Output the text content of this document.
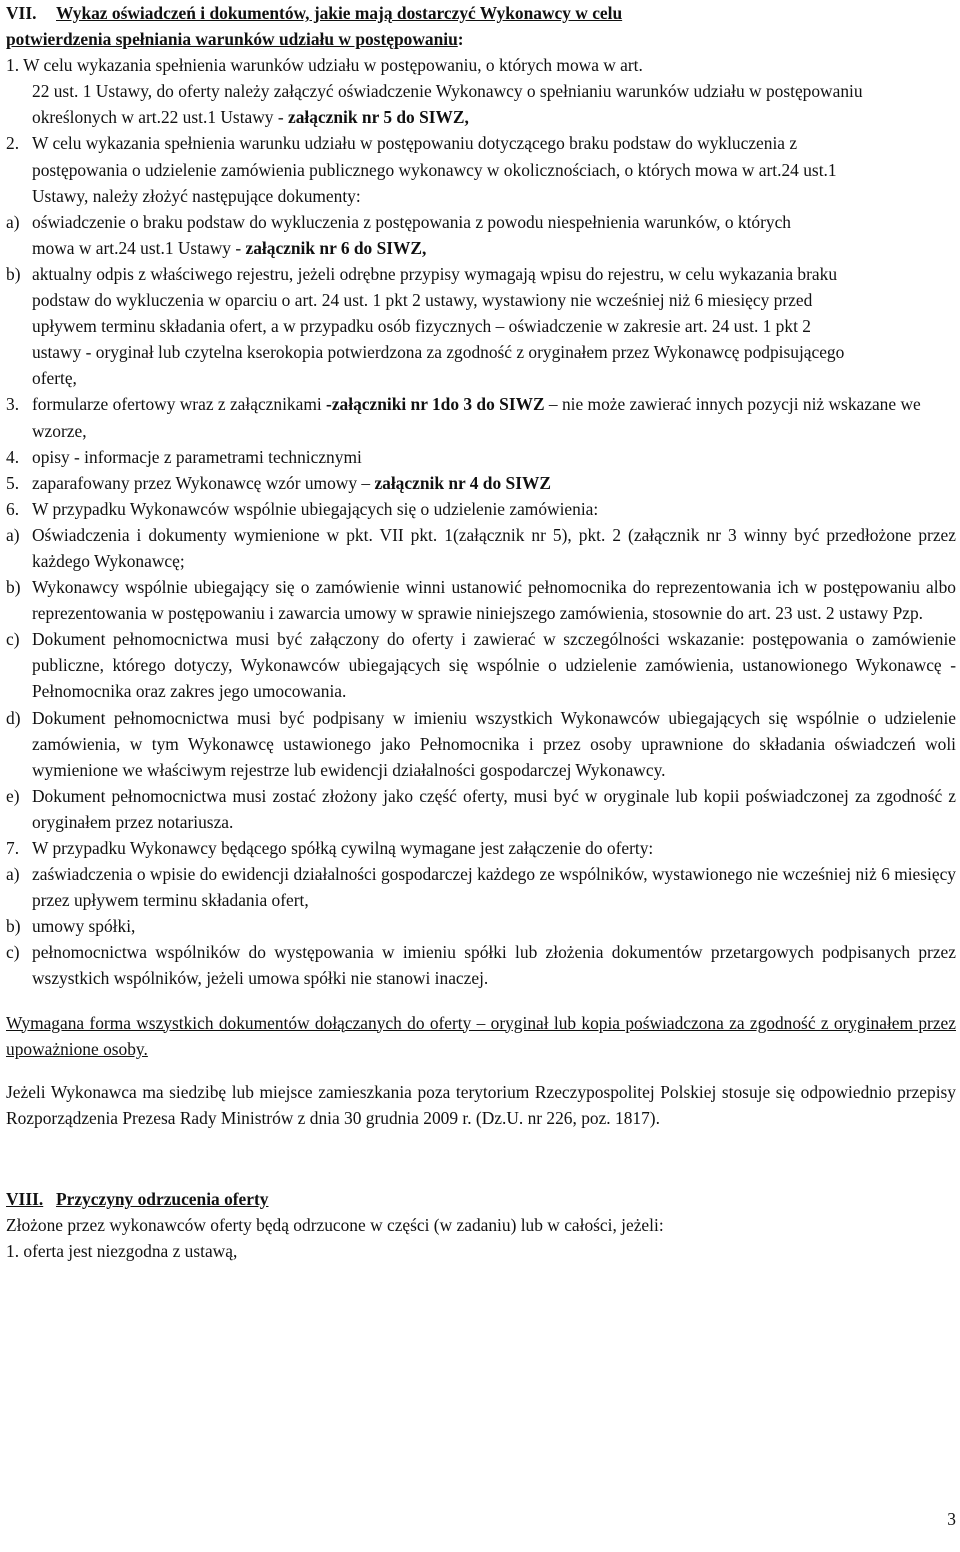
VII. Wykaz oświadczeń i dokumentów, jakie mają dostarczyć Wykonawcy w celu
potwierdzenia spełniania warunków udziału w postępowaniu:

1. W celu wykazania spełnienia warunków udziału w postępowaniu, o których mowa w art.

22 ust. 1 Ustawy, do oferty należy załączyć oświadczenie Wykonawcy o spełnianiu warunków udziału w postępowaniu określonych w art.22 ust.1 Ustawy - załącznik nr 5 do SIWZ,

2. W celu wykazania spełnienia warunku udziału w postępowaniu dotyczącego braku podstaw do wykluczenia z postępowania o udzielenie zamówienia publicznego wykonawcy w okolicznościach, o których mowa w art.24 ust.1 Ustawy, należy złożyć następujące dokumenty:
a) oświadczenie o braku podstaw do wykluczenia z postępowania z powodu niespełnienia warunków, o których mowa w art.24 ust.1 Ustawy - załącznik nr 6 do SIWZ,
b) aktualny odpis z właściwego rejestru, jeżeli odrębne przypisy wymagają wpisu do rejestru, w celu wykazania braku podstaw do wykluczenia w oparciu o art. 24 ust. 1 pkt 2 ustawy, wystawiony nie wcześniej niż 6 miesięcy przed upływem terminu składania ofert, a w przypadku osób fizycznych – oświadczenie w zakresie art. 24 ust. 1 pkt 2 ustawy - oryginał lub czytelna kserokopia potwierdzona za zgodność z oryginałem przez Wykonawcę podpisującego ofertę,
3. formularze ofertowy wraz z załącznikami -załączniki nr 1do 3 do SIWZ – nie może zawierać innych pozycji niż wskazane we wzorze,
4. opisy - informacje z parametrami technicznymi
5. zaparafowany przez Wykonawcę wzór umowy – załącznik nr 4 do SIWZ
6. W przypadku Wykonawców wspólnie ubiegających się o udzielenie zamówienia:
a) Oświadczenia i dokumenty wymienione w pkt. VII pkt. 1(załącznik nr 5), pkt. 2 (załącznik nr 3 winny być przedłożone przez każdego Wykonawcę;
b) Wykonawcy wspólnie ubiegający się o zamówienie winni ustanowić pełnomocnika do reprezentowania ich w postępowaniu albo reprezentowania w postępowaniu i zawarcia umowy w sprawie niniejszego zamówienia, stosownie do art. 23 ust. 2 ustawy Pzp.
c) Dokument pełnomocnictwa musi być załączony do oferty i zawierać w szczególności wskazanie: postępowania o zamówienie publiczne, którego dotyczy, Wykonawców ubiegających się wspólnie o udzielenie zamówienia, ustanowionego Wykonawcę - Pełnomocnika oraz zakres jego umocowania.
d) Dokument pełnomocnictwa musi być podpisany w imieniu wszystkich Wykonawców ubiegających się wspólnie o udzielenie zamówienia, w tym Wykonawcę ustawionego jako Pełnomocnika i przez osoby uprawnione do składania oświadczeń woli wymienione we właściwym rejestrze lub ewidencji działalności gospodarczej Wykonawcy.
e) Dokument pełnomocnictwa musi zostać złożony jako część oferty, musi być w oryginale lub kopii poświadczonej za zgodność z oryginałem przez notariusza.
7. W przypadku Wykonawcy będącego spółką cywilną wymagane jest załączenie do oferty:
a) zaświadczenia o wpisie do ewidencji działalności gospodarczej każdego ze wspólników, wystawionego nie wcześniej niż 6 miesięcy przez upływem terminu składania ofert,
b) umowy spółki,
c) pełnomocnictwa wspólników do występowania w imieniu spółki lub złożenia dokumentów przetargowych podpisanych przez wszystkich wspólników, jeżeli umowa spółki nie stanowi inaczej.

Wymagana forma wszystkich dokumentów dołączanych do oferty – oryginał lub kopia poświadczona za zgodność z oryginałem przez upoważnione osoby.

Jeżeli Wykonawca ma siedzibę lub miejsce zamieszkania poza terytorium Rzeczypospolitej Polskiej stosuje się odpowiednio przepisy Rozporządzenia Prezesa Rady Ministrów z dnia 30 grudnia 2009 r. (Dz.U. nr 226, poz. 1817).

VIII. Przyczyny odrzucenia oferty

Złożone przez wykonawców oferty będą odrzucone w części (w zadaniu) lub w całości, jeżeli:

1. oferta jest niezgodna z ustawą,

3
